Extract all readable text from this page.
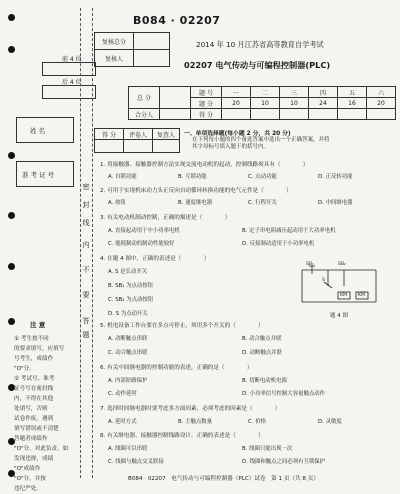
前 4 位
后 4 位
姓 名
准 考 证 号
密
封
线
内
不
要
答
题
注 意

① 考生按不同

的要求填写，应填写

号考生，成绩作

"O"分。

② 考试号、准考

证号写在密封线

内，不得在其他

处填写，否则

试卷作废。遇到

填写错误或不清楚

答题者成绩作

"O"分，对此负责，如

发现违规，成绩

"O"成绩作

"O"分，并按

违纪严处。

B084 · 02207
复核总分	
复核人	
2014 年 10 月江苏省高等教育自学考试
02207 电气传动与可编程控制器(PLC)
总 分		题 号	一	二	三	四	五	六
		题 分	20	10	10	24	16	20
合分人		得 分						
得 分	评卷人	复查人
		一、单项选择题(每小题 2 分，共 20 分)
在下列每小题的四个备选答案中选出一个正确答案，并将
其字母标号填入题干的括号内。
1. 用接触器、接触器控制方法实现交流电动机的起动，控制线路须具有（　　　　）
A. 自锁功能	B. 互锁功能	C. 点动功能	D. 正反转功能
2. 可用于实现机床动力头正反向自动循环转换功能的电气元件是（　　　　）
A. 按钮	B. 速度继电器	C. 行程开关	D. 中间继电器
3. 有关电动机制动控制，正确的描述是（　　　　）
A. 直接起动用于中小功率电机	B. 定子串电阻减压起动用于大功率电机
C. 能耗制动的制动性能较好	D. 反接制动适用于小功率电机
4. 在题 4 图中，正确的表述是（　　　　）
A. S 是长动开关
B. SB₁ 为点动按钮
C. SB₂ 为点动按钮
D. S 为点动开关
SB₁
S
SB₂
KM KM
题 4 图
5. 机电设备工作台要在多点可停止，须用多个开关的（　　　　）
A. 动断触点串联	B. 动合触点并联
C. 动合触点串联	D. 动断触点并联
6. 有关中间继电器的控制功能的表述，正确的是（　　　　）
A. 内部短路保护	B. 切断电动机电源
C. 动作延时	D. 小功率信号控制大容量触点动作
7. 选择时间继电器时要考虑多方面因素，必须考虑的因素是（　　　　）
A. 延时方式	B. 主触点数量	C. 价格	D. 灵敏度
8. 有关继电器、接触器控制线路设计，正确的表述是（　　　　）
A. 线圈可以串联	B. 线圈只能出现一次
C. 线圈与触点交叉联接	D. 线圈和触点之间必须有互锁保护
B084 · 02207　电气传动与可编程控制器（PLC）试卷　第 1 页（共 8 页）
